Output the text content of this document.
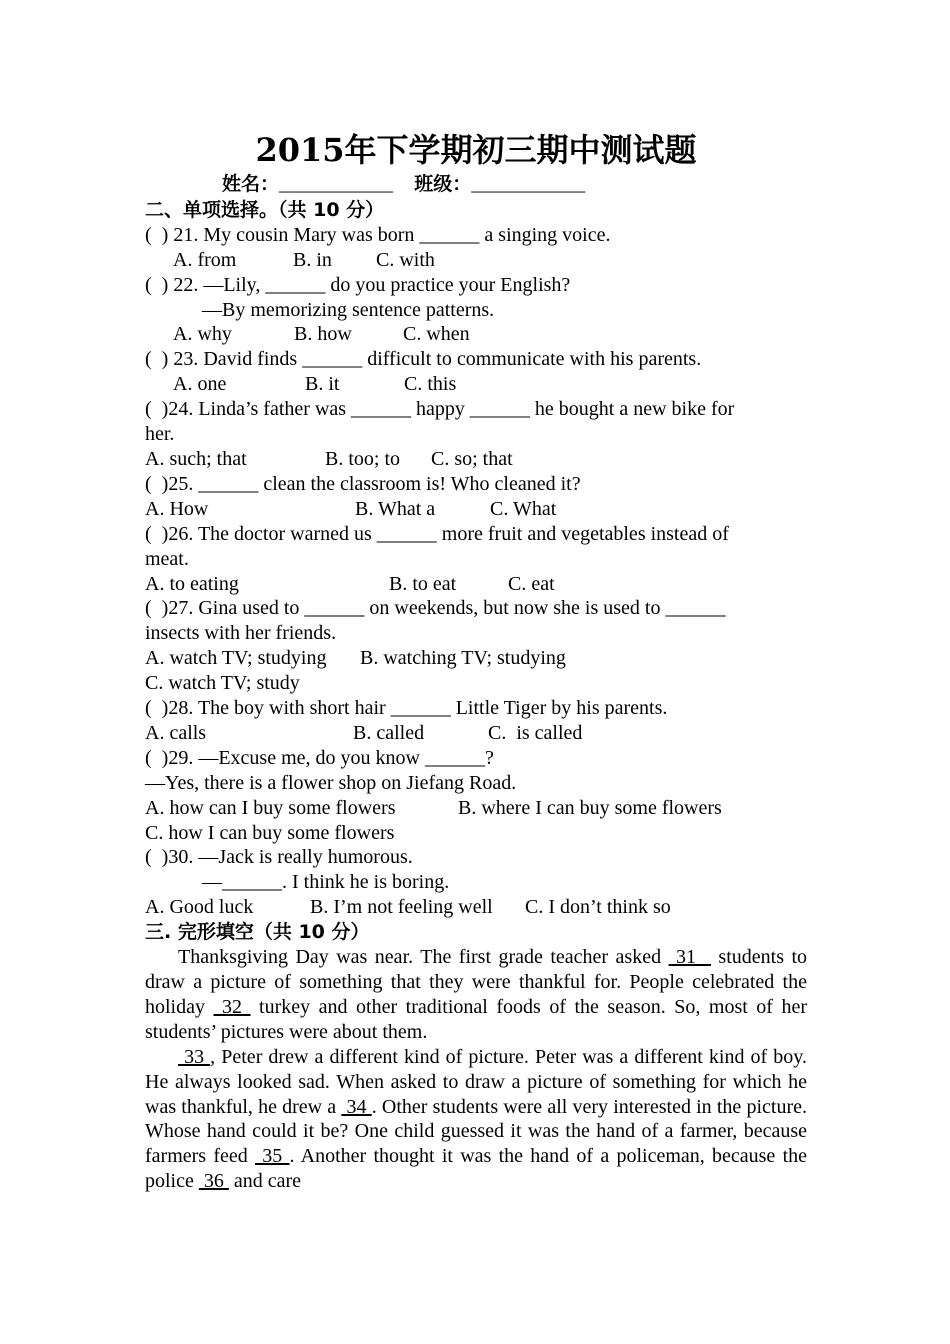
2015年下学期初三期中测试题
姓名：____________ 班级：____________
二、单项选择。（共 10 分）
(  ) 21. My cousin Mary was born ______ a singing voice.
A. from	B. in C. with
(  ) 22. —Lily, ______ do you practice your English?
—By memorizing sentence patterns.
A. why	B. how	C. when
(  ) 23. David finds ______ difficult to communicate with his parents.
A. one	B. it	C. this
(  )24. Linda’s father was ______ happy ______ he bought a new bike for
her.
A. such; that	B. too; to C. so; that
(  )25. ______ clean the classroom is! Who cleaned it?
A. How	B. What a	C. What
(  )26. The doctor warned us ______ more fruit and vegetables instead of
meat.
A. to eating	B. to eat	C. eat
(  )27. Gina used to ______ on weekends, but now she is used to ______
insects with her friends.
A. watch TV; studying B. watching TV; studying
C. watch TV; study
(  )28. The boy with short hair ______ Little Tiger by his parents.
A. calls	B. called	C.  is called
(  )29. —Excuse me, do you know ______?
—Yes, there is a flower shop on Jiefang Road.
A. how can I buy some flowers	B. where I can buy some flowers
C. how I can buy some flowers
(  )30. —Jack is really humorous.
—______. I think he is boring.
A. Good luck	B. I’m not feeling well C. I don’t think so
三. 完形填空（共 10 分）

Thanksgiving Day was near. The first grade teacher asked  31   students to draw a picture of something that they were thankful for. People celebrated the holiday  32  turkey and other traditional foods of the season. So, most of her students’ pictures were about them.

33 , Peter drew a different kind of picture. Peter was a different kind of boy. He always looked sad. When asked to draw a picture of something for which he was thankful, he drew a  34 . Other students were all very interested in the picture. Whose hand could it be? One child guessed it was the hand of a farmer, because farmers feed  35 . Another thought it was the hand of a policeman, because the police  36  and care
